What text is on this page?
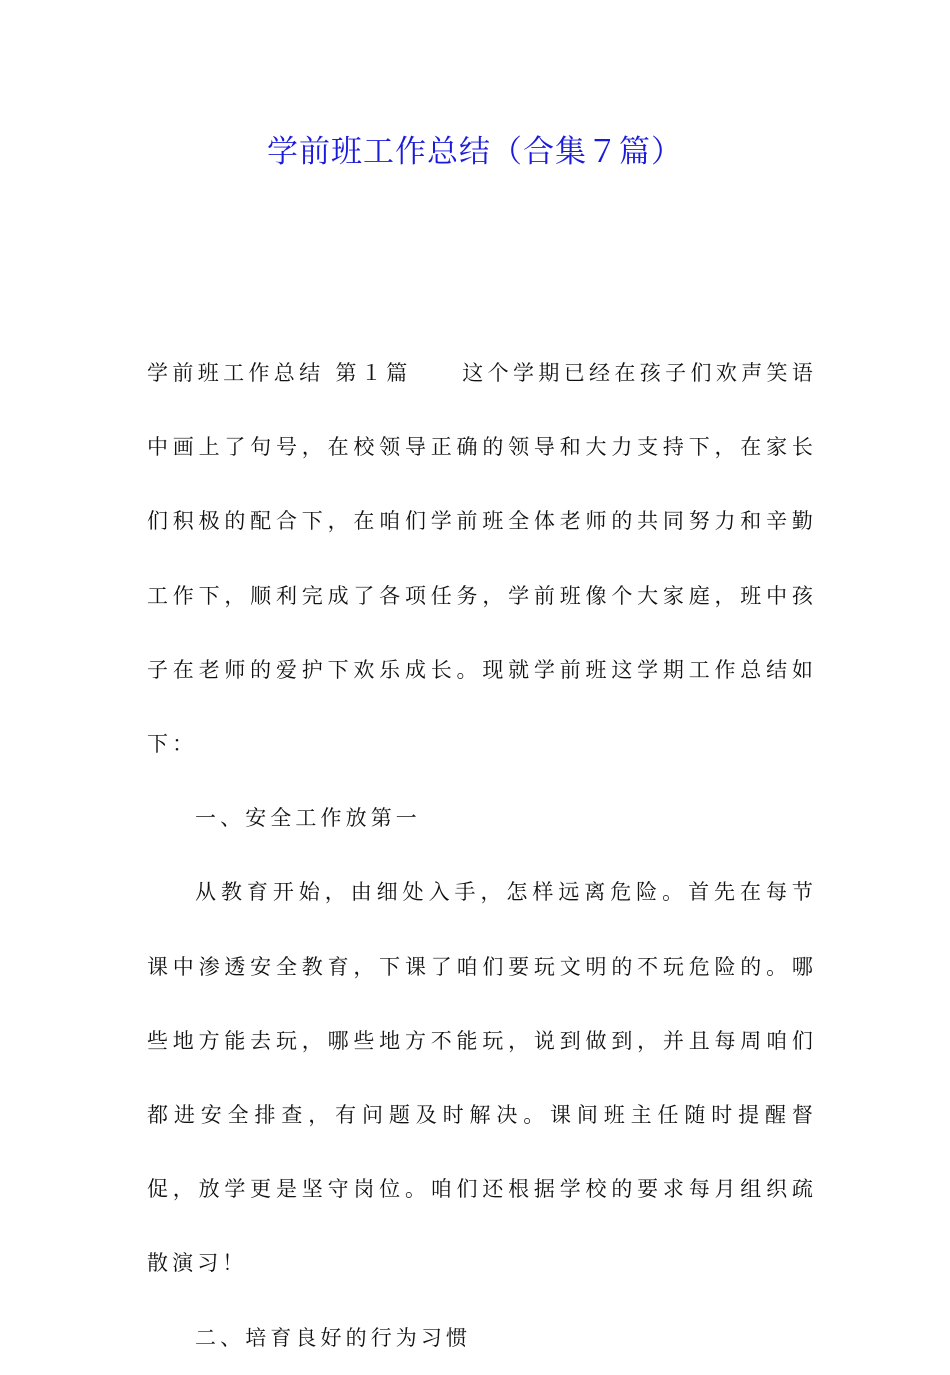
学前班工作总结（合集７篇）

学前班工作总结 第１篇　　这个学期已经在孩子们欢声笑语中画上了句号，在校领导正确的领导和大力支持下，在家长们积极的配合下，在咱们学前班全体老师的共同努力和辛勤工作下，顺利完成了各项任务，学前班像个大家庭，班中孩子在老师的爱护下欢乐成长。现就学前班这学期工作总结如下：

一、安全工作放第一

从教育开始，由细处入手，怎样远离危险。首先在每节课中渗透安全教育，下课了咱们要玩文明的不玩危险的。哪些地方能去玩，哪些地方不能玩，说到做到，并且每周咱们都进安全排查，有问题及时解决。课间班主任随时提醒督促，放学更是坚守岗位。咱们还根据学校的要求每月组织疏散演习！

二、培育良好的行为习惯
